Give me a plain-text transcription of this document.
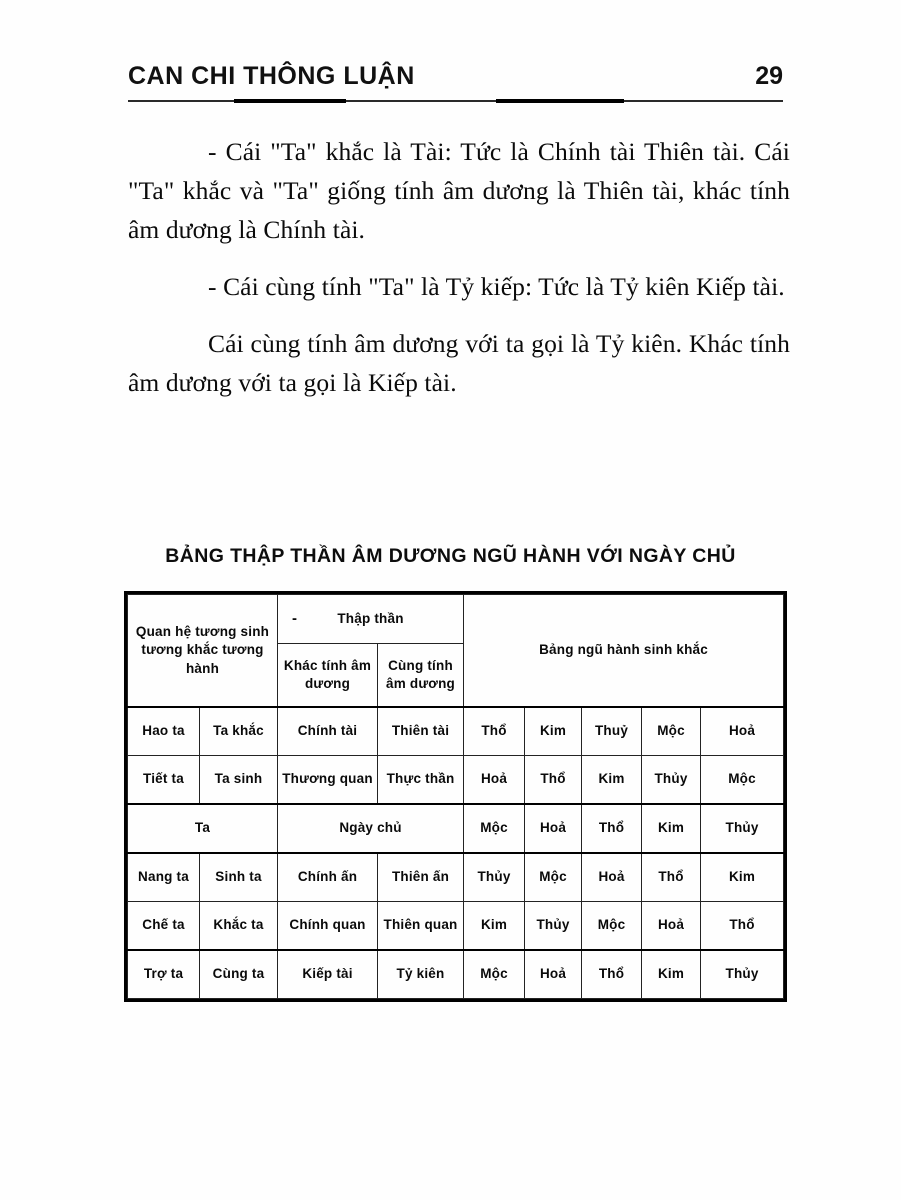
CAN CHI THÔNG LUẬN	29

- Cái "Ta" khắc là Tài: Tức là Chính tài Thiên tài. Cái "Ta" khắc và "Ta" giống tính âm dương là Thiên tài, khác tính âm dương là Chính tài.

- Cái cùng tính "Ta" là Tỷ kiếp: Tức là Tỷ kiên Kiếp tài.

Cái cùng tính âm dương với ta gọi là Tỷ kiên. Khác tính âm dương với ta gọi là Kiếp tài.

BẢNG THẬP THẦN ÂM DƯƠNG NGŨ HÀNH VỚI NGÀY CHỦ
Quan hệ tương sinh tương khắc tương hành		- Thập thần		Bảng ngũ hành sinh khắc				
		Khác tính âm dương	Cùng tính âm dương					
Hao ta	Ta khắc	Chính tài	Thiên tài	Thổ	Kim	Thuỷ	Mộc	Hoả
Tiết ta	Ta sinh	Thương quan	Thực thần	Hoả	Thổ	Kim	Thủy	Mộc
Ta		Ngày chủ		Mộc	Hoả	Thổ	Kim	Thủy
Nang ta	Sinh ta	Chính ấn	Thiên ấn	Thủy	Mộc	Hoả	Thổ	Kim
Chế ta	Khắc ta	Chính quan	Thiên quan	Kim	Thủy	Mộc	Hoả	Thổ
Trợ ta	Cùng ta	Kiếp tài	Tỷ kiên	Mộc	Hoả	Thổ	Kim	Thủy
